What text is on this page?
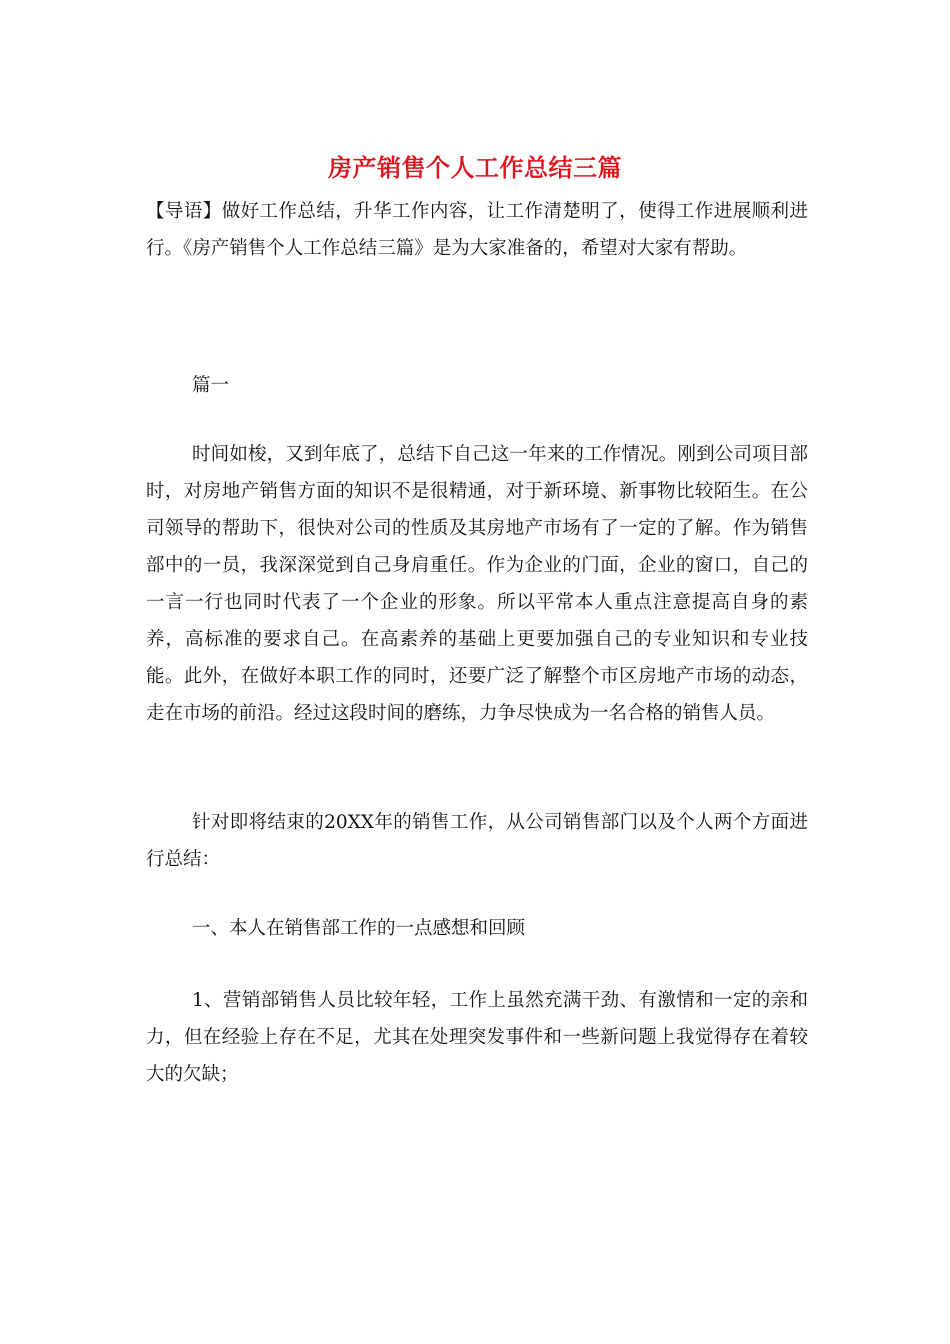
房产销售个人工作总结三篇

【导语】做好工作总结，升华工作内容，让工作清楚明了，使得工作进展顺利进行。《房产销售个人工作总结三篇》是为大家准备的，希望对大家有帮助。

篇一

时间如梭，又到年底了，总结下自己这一年来的工作情况。刚到公司项目部时，对房地产销售方面的知识不是很精通，对于新环境、新事物比较陌生。在公司领导的帮助下，很快对公司的性质及其房地产市场有了一定的了解。作为销售部中的一员，我深深觉到自己身肩重任。作为企业的门面，企业的窗口，自己的一言一行也同时代表了一个企业的形象。所以平常本人重点注意提高自身的素养，高标准的要求自己。在高素养的基础上更要加强自己的专业知识和专业技能。此外，在做好本职工作的同时，还要广泛了解整个市区房地产市场的动态，走在市场的前沿。经过这段时间的磨练，力争尽快成为一名合格的销售人员。

针对即将结束的20XX年的销售工作，从公司销售部门以及个人两个方面进行总结：

一、本人在销售部工作的一点感想和回顾

1、营销部销售人员比较年轻，工作上虽然充满干劲、有激情和一定的亲和力，但在经验上存在不足，尤其在处理突发事件和一些新问题上我觉得存在着较大的欠缺；
